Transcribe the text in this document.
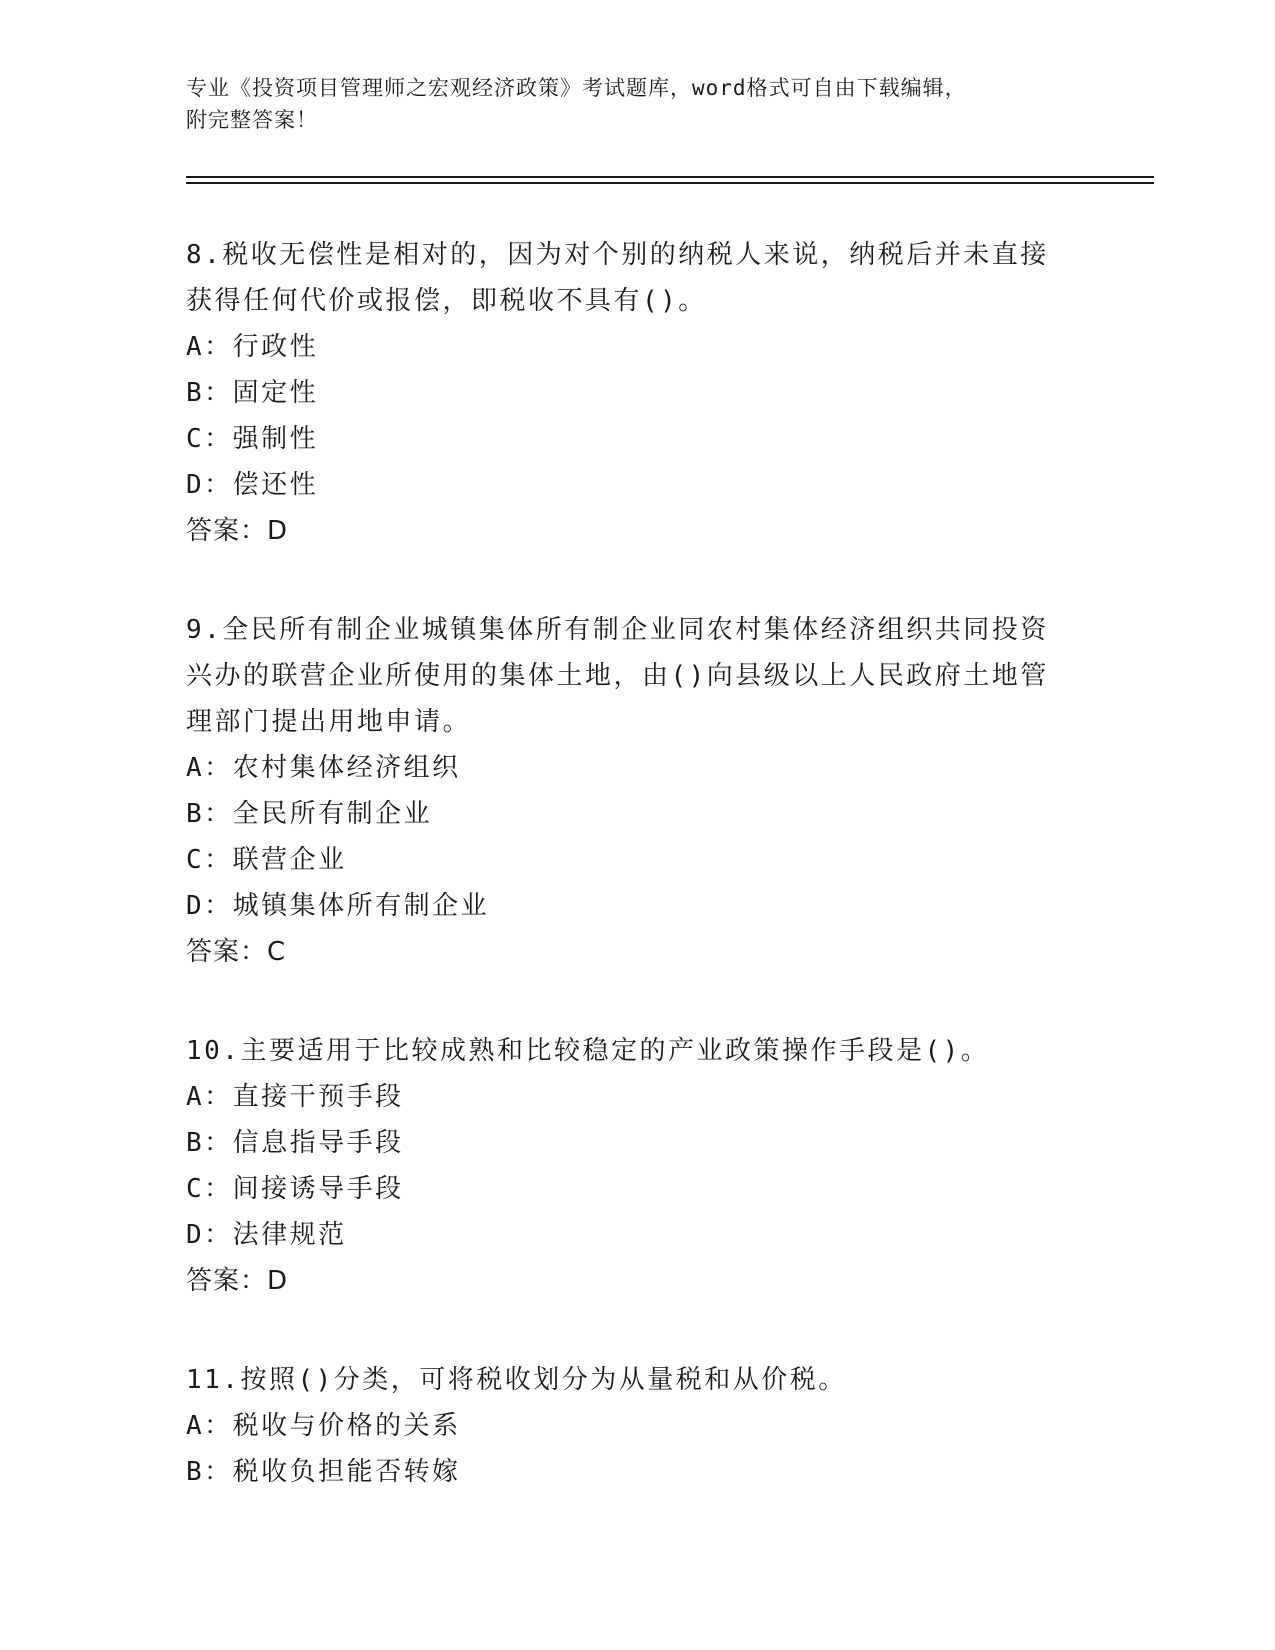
专业《投资项目管理师之宏观经济政策》考试题库，word格式可自由下载编辑，
附完整答案！

8.税收无偿性是相对的，因为对个别的纳税人来说，纳税后并未直接获得任何代价或报偿，即税收不具有()。

A：行政性

B：固定性

C：强制性

D：偿还性

答案：D

9.全民所有制企业城镇集体所有制企业同农村集体经济组织共同投资兴办的联营企业所使用的集体土地，由()向县级以上人民政府土地管理部门提出用地申请。

A：农村集体经济组织

B：全民所有制企业

C：联营企业

D：城镇集体所有制企业

答案：C

10.主要适用于比较成熟和比较稳定的产业政策操作手段是()。

A：直接干预手段

B：信息指导手段

C：间接诱导手段

D：法律规范

答案：D

11.按照()分类，可将税收划分为从量税和从价税。

A：税收与价格的关系

B：税收负担能否转嫁
